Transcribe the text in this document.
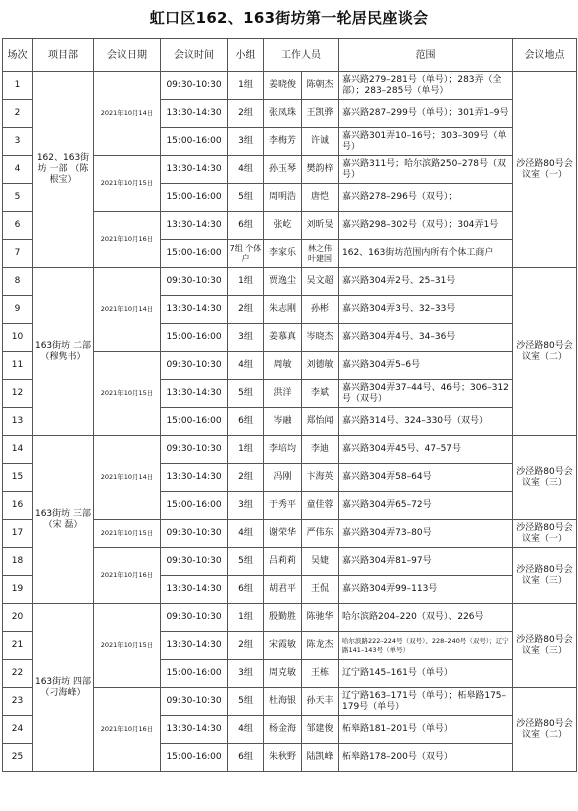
虹口区162、163街坊第一轮居民座谈会
场次	项目部	会议日期	会议时间	小组	工作人员		范围	会议地点
1	162、163街坊 一部 （陈根宝）	2021年10月14日	09:30-10:30	1组	姜晓俊	陈朝杰	嘉兴路279–281号（单号）；283弄（全部）；283–285号（单号）	沙泾路80号会议室（一）
2			13:30-14:30	2组	张凤珠	王凯骅	嘉兴路287–299号（单号）；301弄1–9号	
3			15:00-16:00	3组	李梅芳	许诚	嘉兴路301弄10–16号；303–309号（单号）	
4		2021年10月15日	13:30-14:30	4组	孙玉琴	樊韵梓	嘉兴路311号；哈尔滨路250–278号（双号）	
5			15:00-16:00	5组	周明浩	唐恺	嘉兴路278–296号（双号）；	
6		2021年10月16日	13:30-14:30	6组	张屹	刘昕旻	嘉兴路298–302号（双号）；304弄1号	
7			15:00-16:00	7组 个体户	李家乐	林之伟 叶建国	162、163街坊范围内所有个体工商户	
8	163街坊 二部 （穆隽书）	2021年10月14日	09:30-10:30	1组	贾逸尘	吴文超	嘉兴路304弄2号、25–31号	沙泾路80号会议室（二）
9			13:30-14:30	2组	朱志刚	孙彬	嘉兴路304弄3号、32–33号	
10			15:00-16:00	3组	姜慕真	岑晓杰	嘉兴路304弄4号、34–36号	
11		2021年10月15日	09:30-10:30	4组	周敏	刘德敏	嘉兴路304弄5–6号	
12			13:30-14:30	5组	洪洋	李斌	嘉兴路304弄37–44号、46号；306–312号（双号）	
13			15:00-16:00	6组	岑融	郑怡闻	嘉兴路314号、324–330号（双号）	
14	163街坊 三部 （宋 磊）	2021年10月14日	09:30-10:30	1组	李培均	李迪	嘉兴路304弄45号、47–57号	沙泾路80号会议室（三）
15			13:30-14:30	2组	冯刚	卞海英	嘉兴路304弄58–64号	
16			15:00-16:00	3组	于秀平	童佳蓉	嘉兴路304弄65–72号	
17		2021年10月15日	09:30-10:30	4组	谢荣华	严伟东	嘉兴路304弄73–80号	沙泾路80号会议室（一）
18		2021年10月16日	09:30-10:30	5组	吕莉莉	吴婕	嘉兴路304弄81–97号	沙泾路80号会议室（三）
19			13:30-14:30	6组	胡君平	王侃	嘉兴路304弄99–113号	
20	163街坊 四部 （刁海峰）	2021年10月15日	09:30-10:30	1组	殷勤胜	陈驰华	哈尔滨路204–220（双号）、226号	沙泾路80号会议室（三）
21			13:30-14:30	2组	宋霞敏	陈龙杰	哈尔滨路222–224号（双号）、228–240号（双号）；辽宁路141–143号（单号）	
22			15:00-16:00	3组	周克敏	王栋	辽宁路145–161号（单号）	
23		2021年10月16日	09:30-10:30	5组	杜海银	孙天丰	辽宁路163–171号（单号）；柘皋路175–179号（单号）	沙泾路80号会议室（二）
24			13:30-14:30	4组	杨金海	邹建俊	柘皋路181–201号（单号）	
25			15:00-16:00	6组	朱秋野	陆凯峰	柘皋路178–200号（双号）	
